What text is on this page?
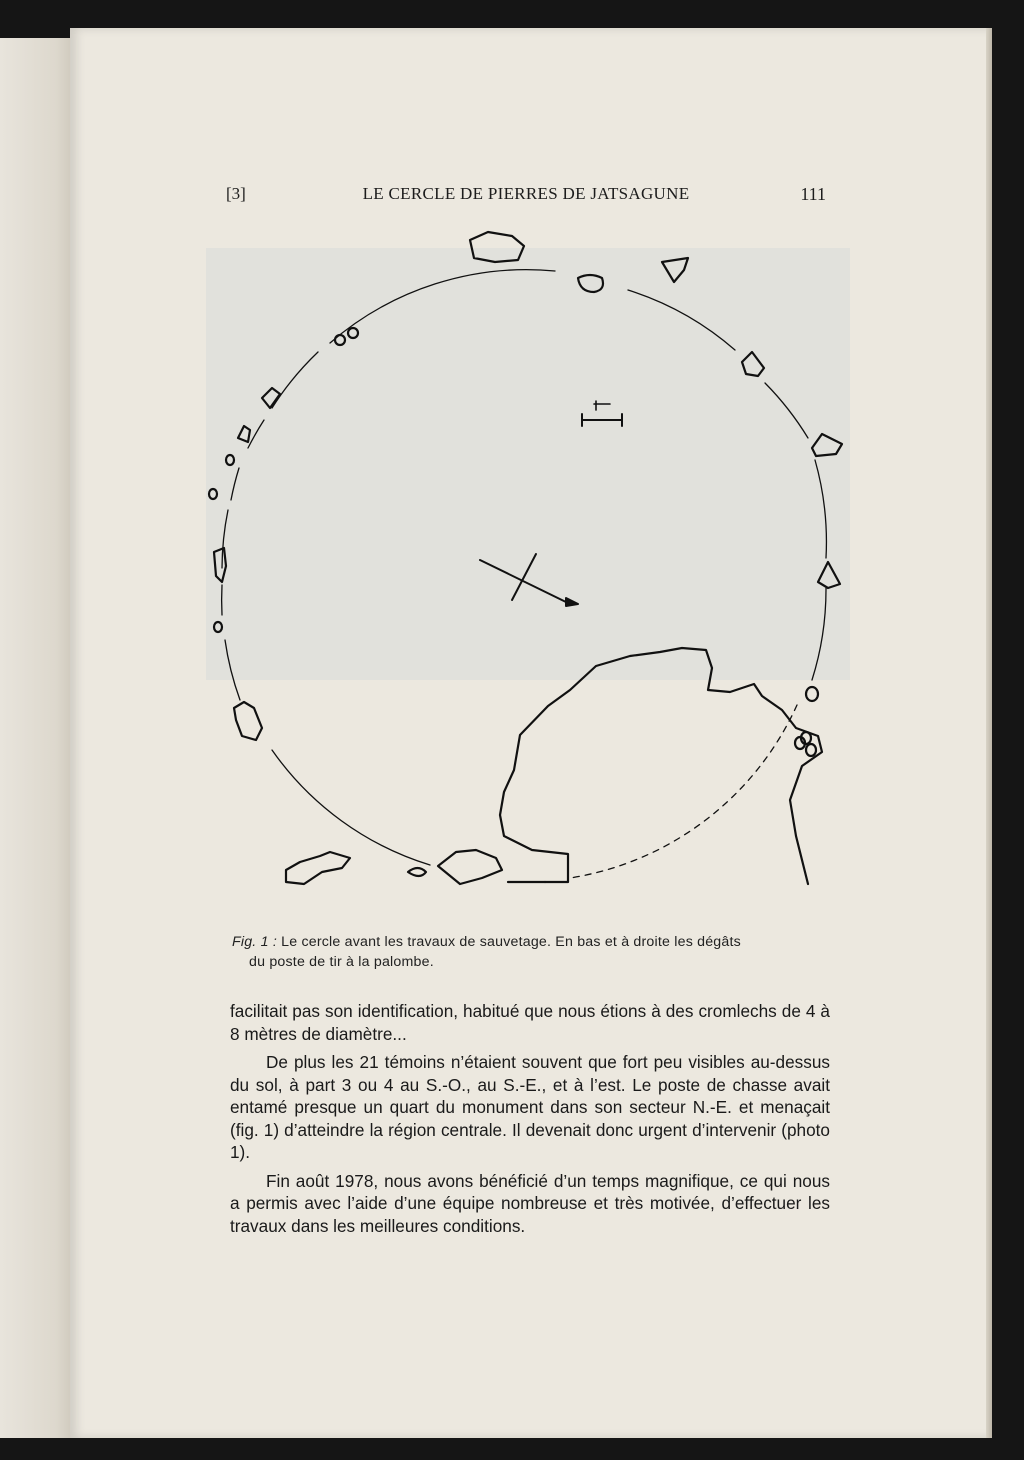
[3]	LE CERCLE DE PIERRES DE JATSAGUNE	111
Fig. 1 : Le cercle avant les travaux de sauvetage. En bas et à droite les dégâts
du poste de tir à la palombe.

facilitait pas son identification, habitué que nous étions à des cromlechs de 4 à 8 mètres de diamètre...

De plus les 21 témoins n’étaient souvent que fort peu visibles au-dessus du sol, à part 3 ou 4 au S.-O., au S.-E., et à l’est. Le poste de chasse avait entamé presque un quart du monument dans son secteur N.-E. et menaçait (fig. 1) d’atteindre la région centrale. Il devenait donc urgent d’intervenir (photo 1).

Fin août 1978, nous avons bénéficié d’un temps magnifique, ce qui nous a permis avec l’aide d’une équipe nombreuse et très motivée, d’effectuer les travaux dans les meilleures conditions.
